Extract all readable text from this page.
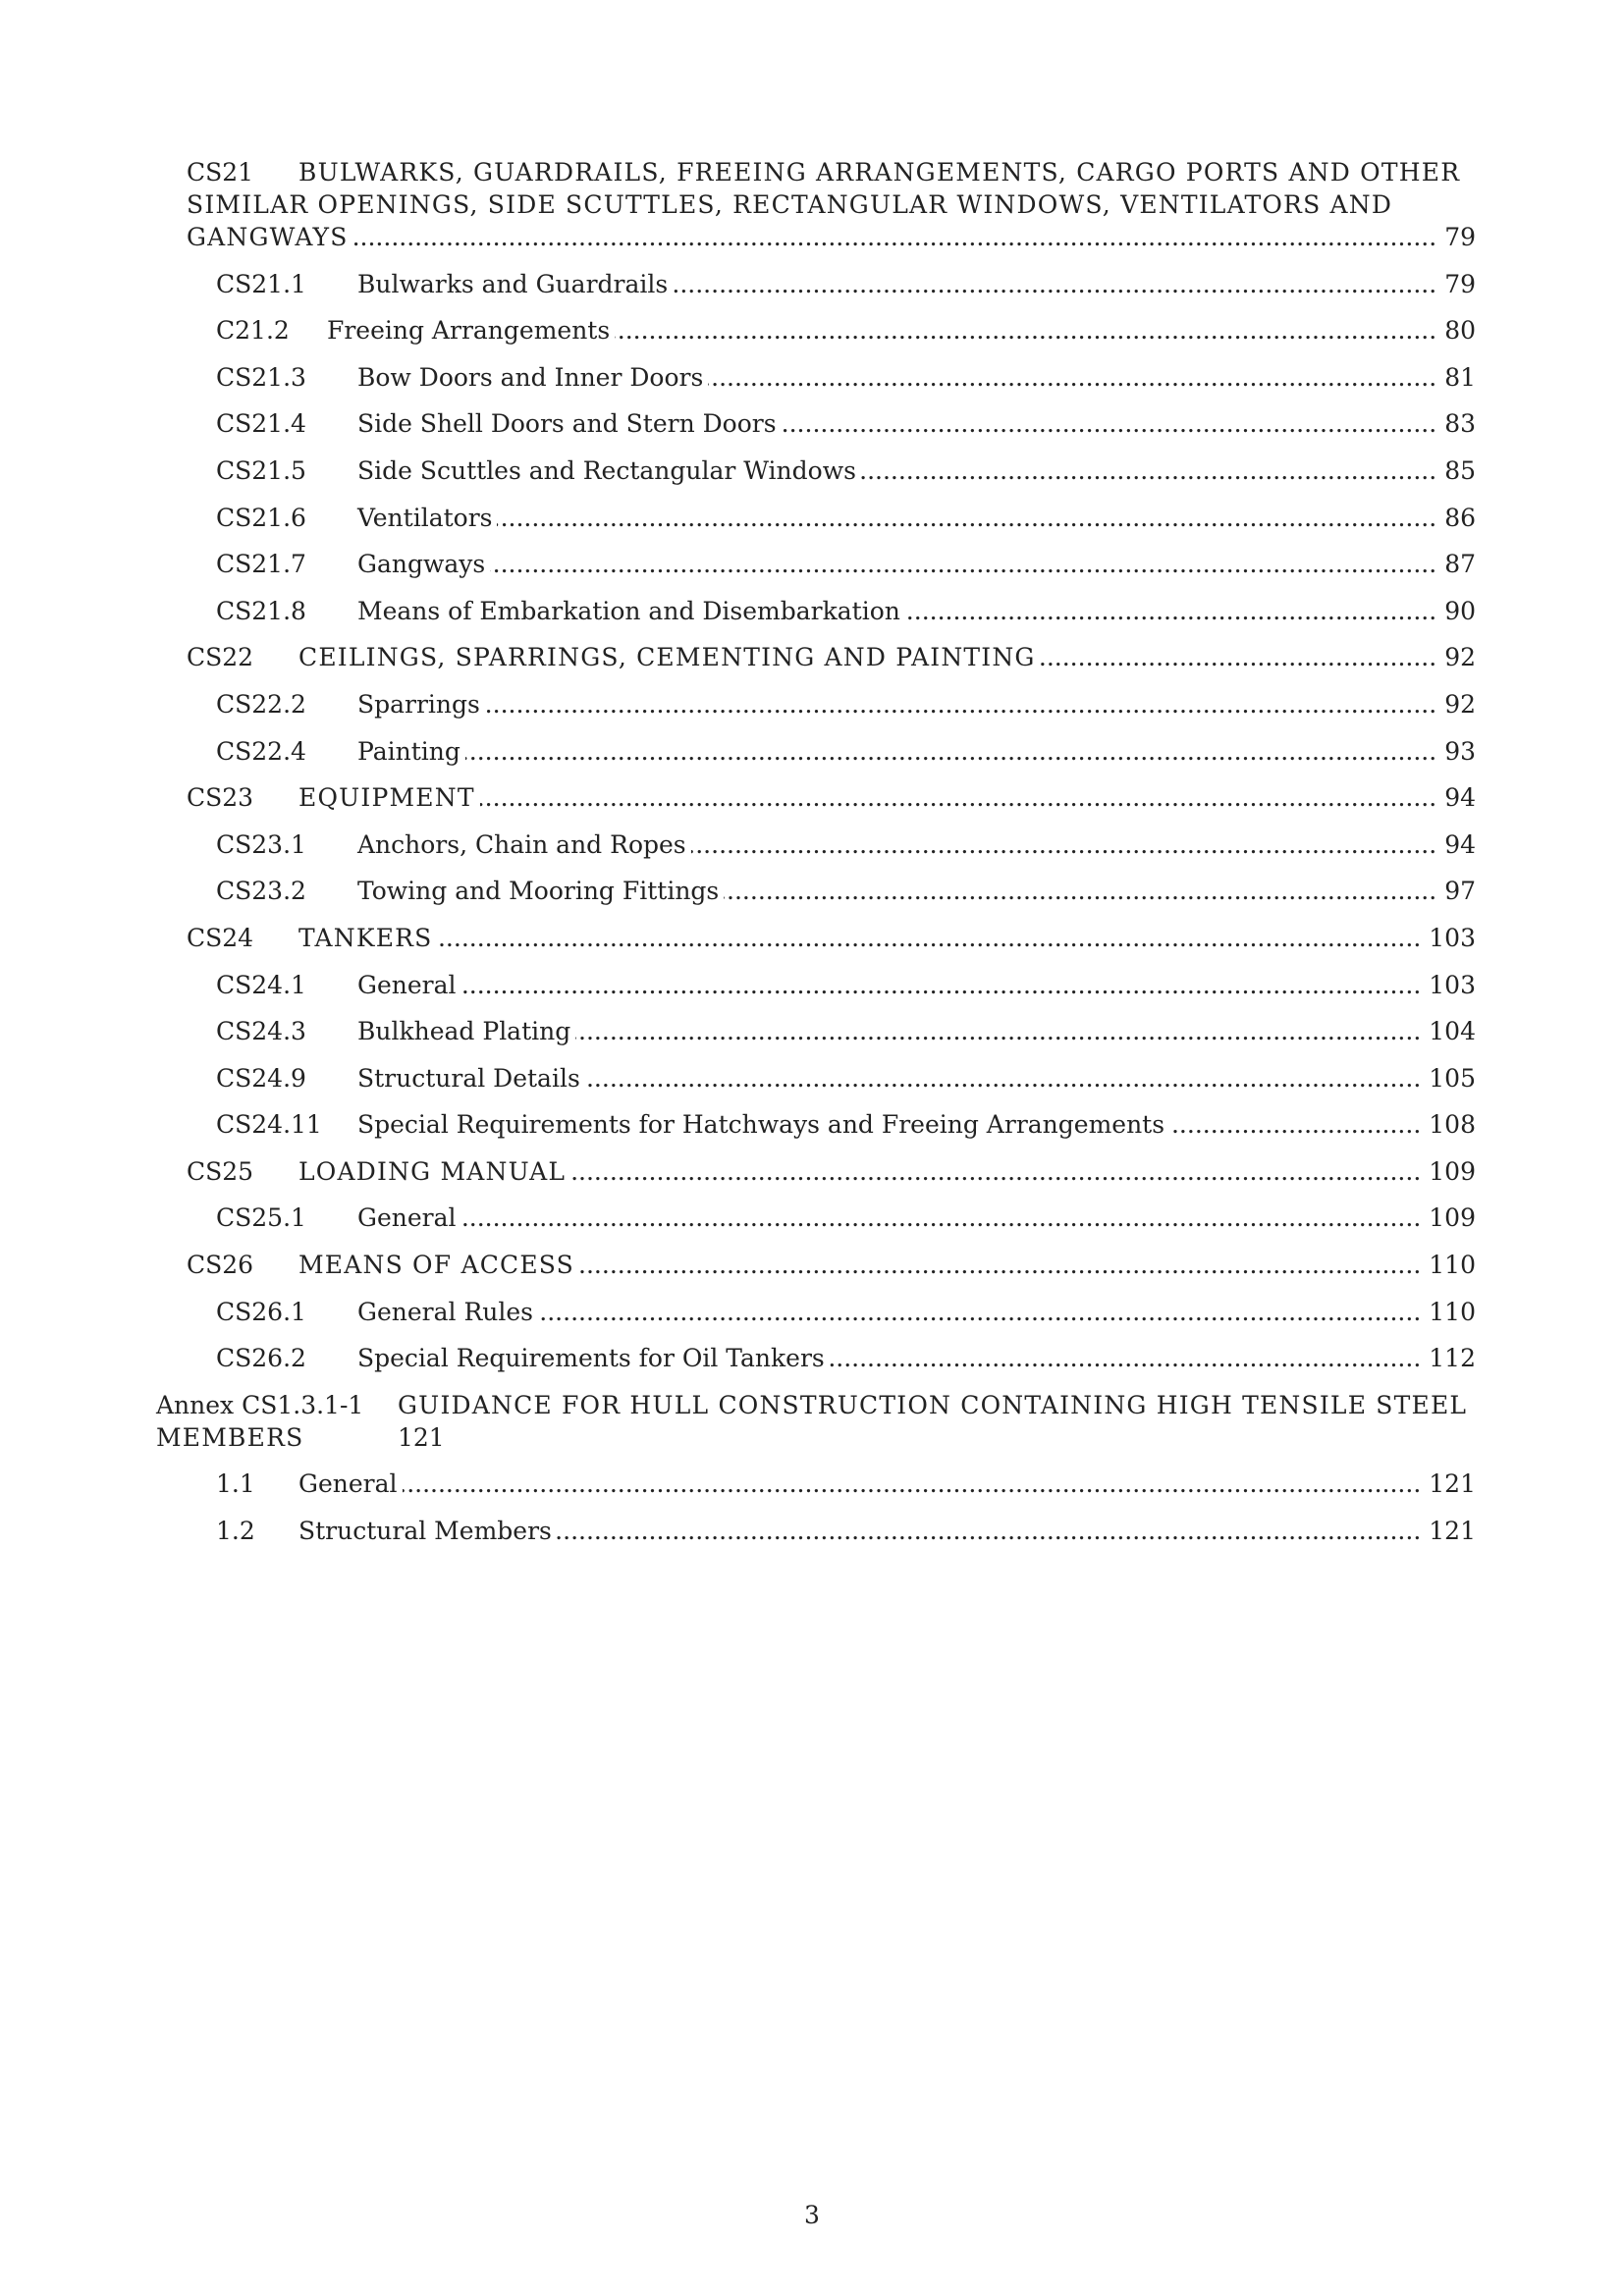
CS21	BULWARKS, GUARDRAILS, FREEING ARRANGEMENTS, CARGO PORTS AND OTHER
SIMILAR OPENINGS, SIDE SCUTTLES, RECTANGULAR WINDOWS, VENTILATORS AND
GANGWAYS .....	79
CS21.1	Bulwarks and Guardrails .....	79
C21.2	Freeing Arrangements .....	80
CS21.3	Bow Doors and Inner Doors .....	81
CS21.4	Side Shell Doors and Stern Doors .....	83
CS21.5	Side Scuttles and Rectangular Windows .....	85
CS21.6	Ventilators .....	86
CS21.7	Gangways .....	87
CS21.8	Means of Embarkation and Disembarkation .....	90
CS22	CEILINGS, SPARRINGS, CEMENTING AND PAINTING .....	92
CS22.2	Sparrings .....	92
CS22.4	Painting .....	93
CS23	EQUIPMENT .....	94
CS23.1	Anchors, Chain and Ropes .....	94
CS23.2	Towing and Mooring Fittings .....	97
CS24	TANKERS .....	103
CS24.1	General .....	103
CS24.3	Bulkhead Plating .....	104
CS24.9	Structural Details .....	105
CS24.11	Special Requirements for Hatchways and Freeing Arrangements .....	108
CS25	LOADING MANUAL .....	109
CS25.1	General .....	109
CS26	MEANS OF ACCESS .....	110
CS26.1	General Rules .....	110
CS26.2	Special Requirements for Oil Tankers .....	112
Annex CS1.3.1-1	GUIDANCE FOR HULL CONSTRUCTION CONTAINING HIGH TENSILE STEEL
MEMBERS	121
1.1	General .....	121
1.2	Structural Members .....	121
3
